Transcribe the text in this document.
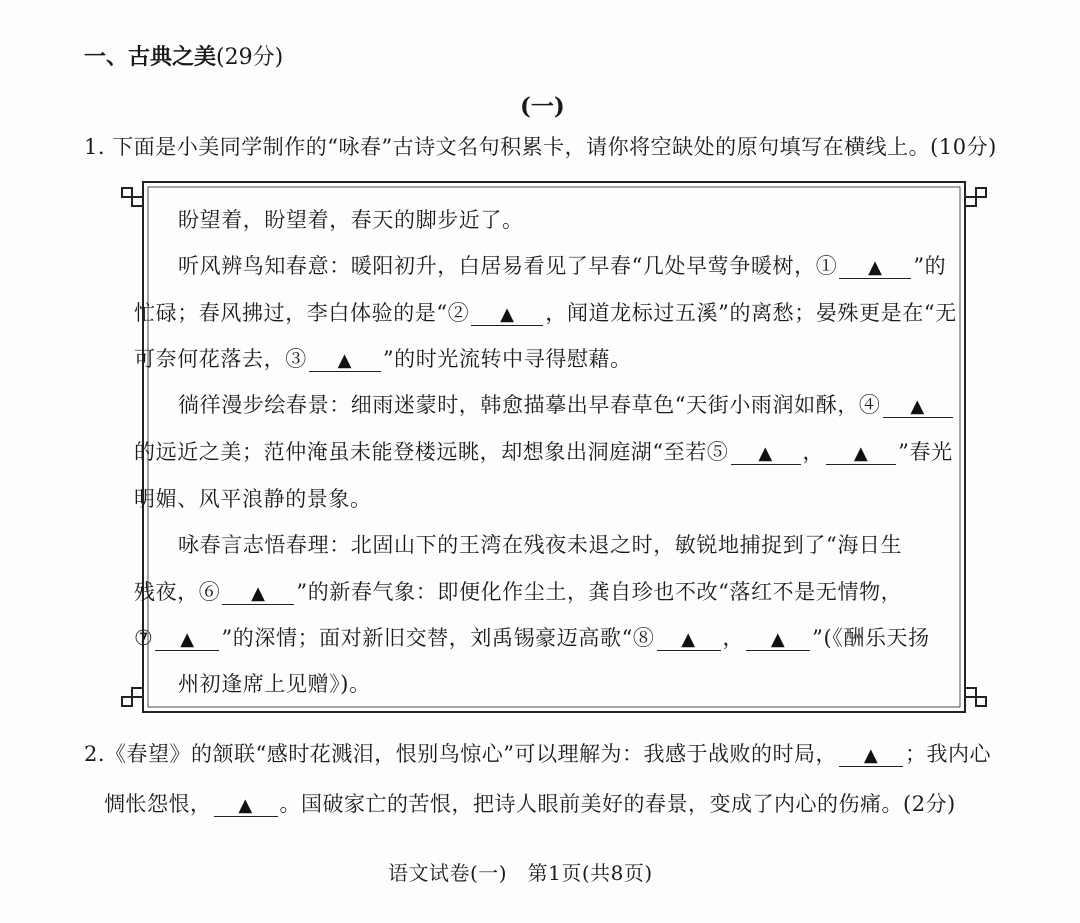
一、古典之美(29分)
(一)
1. 下面是小美同学制作的“咏春”古诗文名句积累卡，请你将空缺处的原句填写在横线上。(10分)
盼望着，盼望着，春天的脚步近了。
听风辨鸟知春意：暖阳初升，白居易看见了早春“几处早莺争暖树，① ▲ ”的
忙碌；春风拂过，李白体验的是“② ▲ ，闻道龙标过五溪”的离愁；晏殊更是在“无
可奈何花落去，③ ▲ ”的时光流转中寻得慰藉。
徜徉漫步绘春景：细雨迷蒙时，韩愈描摹出早春草色“天街小雨润如酥，④ ▲
的远近之美；范仲淹虽未能登楼远眺，却想象出洞庭湖“至若⑤ ▲ ， ▲ ”春光
明媚、风平浪静的景象。
咏春言志悟春理：北固山下的王湾在残夜未退之时，敏锐地捕捉到了“海日生
残夜，⑥ ▲ ”的新春气象：即便化作尘土，龚自珍也不改“落红不是无情物，
⑦ ▲ ”的深情；面对新旧交替，刘禹锡豪迈高歌“⑧ ▲ ， ▲ ”(《酬乐天扬
州初逢席上见赠》)。
2.《春望》的颔联“感时花溅泪，恨别鸟惊心”可以理解为：我感于战败的时局， ▲ ；我内心
惆怅怨恨， ▲ 。国破家亡的苦恨，把诗人眼前美好的春景，变成了内心的伤痛。(2分)
语文试卷(一)　第1页(共8页)
